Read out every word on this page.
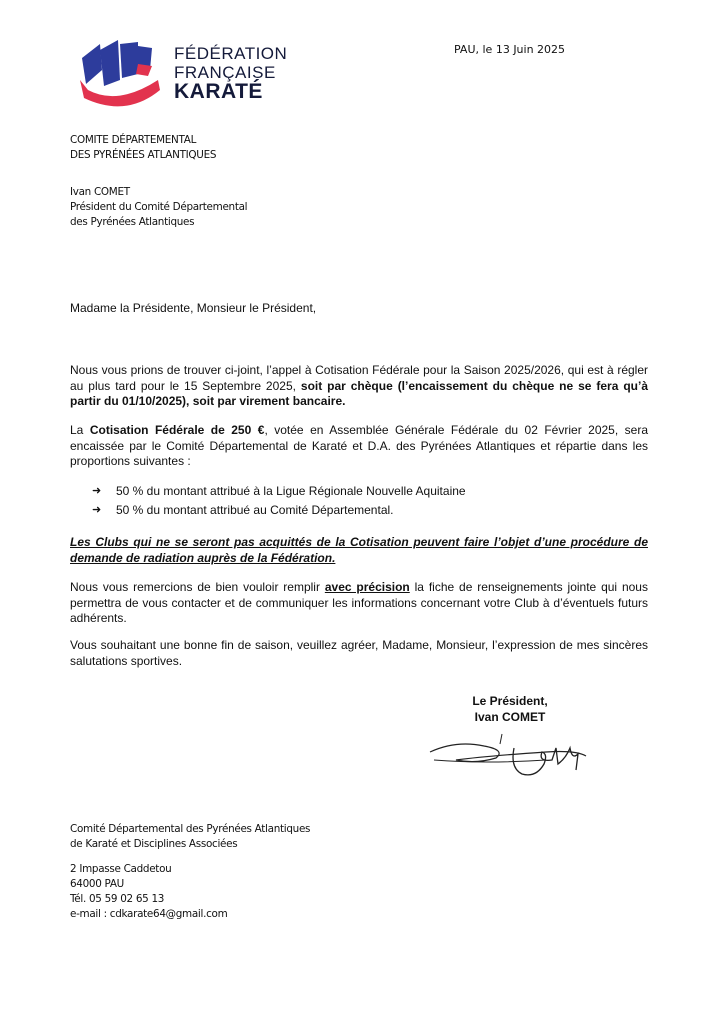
FÉDÉRATION
FRANÇAISE
KARATÉ
PAU, le 13 Juin 2025
COMITE DÉPARTEMENTAL
DES PYRÉNÉES ATLANTIQUES
Ivan COMET
Président du Comité Départemental
des Pyrénées Atlantiques
Madame la Présidente, Monsieur le Président,
Nous vous prions de trouver ci-joint, l’appel à Cotisation Fédérale pour la Saison 2025/2026, qui est à régler au plus tard pour le 15 Septembre 2025, soit par chèque (l’encaissement du chèque ne se fera qu’à partir du 01/10/2025), soit par virement bancaire.
La Cotisation Fédérale de 250 €, votée en Assemblée Générale Fédérale du 02 Février 2025, sera encaissée par le Comité Départemental de Karaté et D.A. des Pyrénées Atlantiques et répartie dans les proportions suivantes :
➜	50 % du montant attribué à la Ligue Régionale Nouvelle Aquitaine
➜	50 % du montant attribué au Comité Départemental.
Les Clubs qui ne se seront pas acquittés de la Cotisation peuvent faire l’objet d’une procédure de demande de radiation auprès de la Fédération.
Nous vous remercions de bien vouloir remplir avec précision la fiche de renseignements jointe qui nous permettra de vous contacter et de communiquer les informations concernant votre Club à d’éventuels futurs adhérents.
Vous souhaitant une bonne fin de saison, veuillez agréer, Madame, Monsieur, l’expression de mes sincères salutations sportives.
Le Président,
Ivan COMET
Comité Départemental des Pyrénées Atlantiques
de Karaté et Disciplines Associées
2 Impasse Caddetou
64000 PAU
Tél. 05 59 02 65 13
e-mail : cdkarate64@gmail.com
